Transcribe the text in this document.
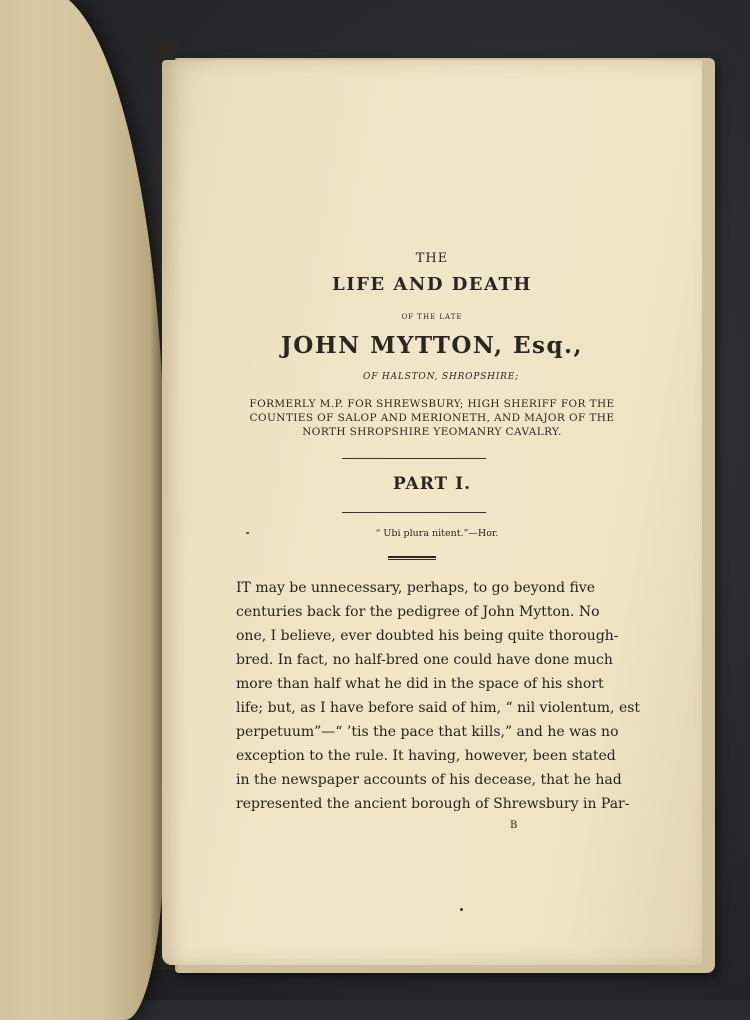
THE
LIFE AND DEATH
OF THE LATE
JOHN MYTTON, Esq.,
OF HALSTON, SHROPSHIRE;
FORMERLY M.P. FOR SHREWSBURY; HIGH SHERIFF FOR THE
COUNTIES OF SALOP AND MERIONETH, AND MAJOR OF THE
NORTH SHROPSHIRE YEOMANRY CAVALRY.
PART I.
“ Ubi plura nitent.”—Hor.
IT may be unnecessary, perhaps, to go beyond five
centuries back for the pedigree of John Mytton. No
one, I believe, ever doubted his being quite thorough-
bred. In fact, no half-bred one could have done much
more than half what he did in the space of his short
life; but, as I have before said of him, “ nil violentum, est
perpetuum”—“ ’tis the pace that kills,” and he was no
exception to the rule. It having, however, been stated
in the newspaper accounts of his decease, that he had
represented the ancient borough of Shrewsbury in Par-
B
